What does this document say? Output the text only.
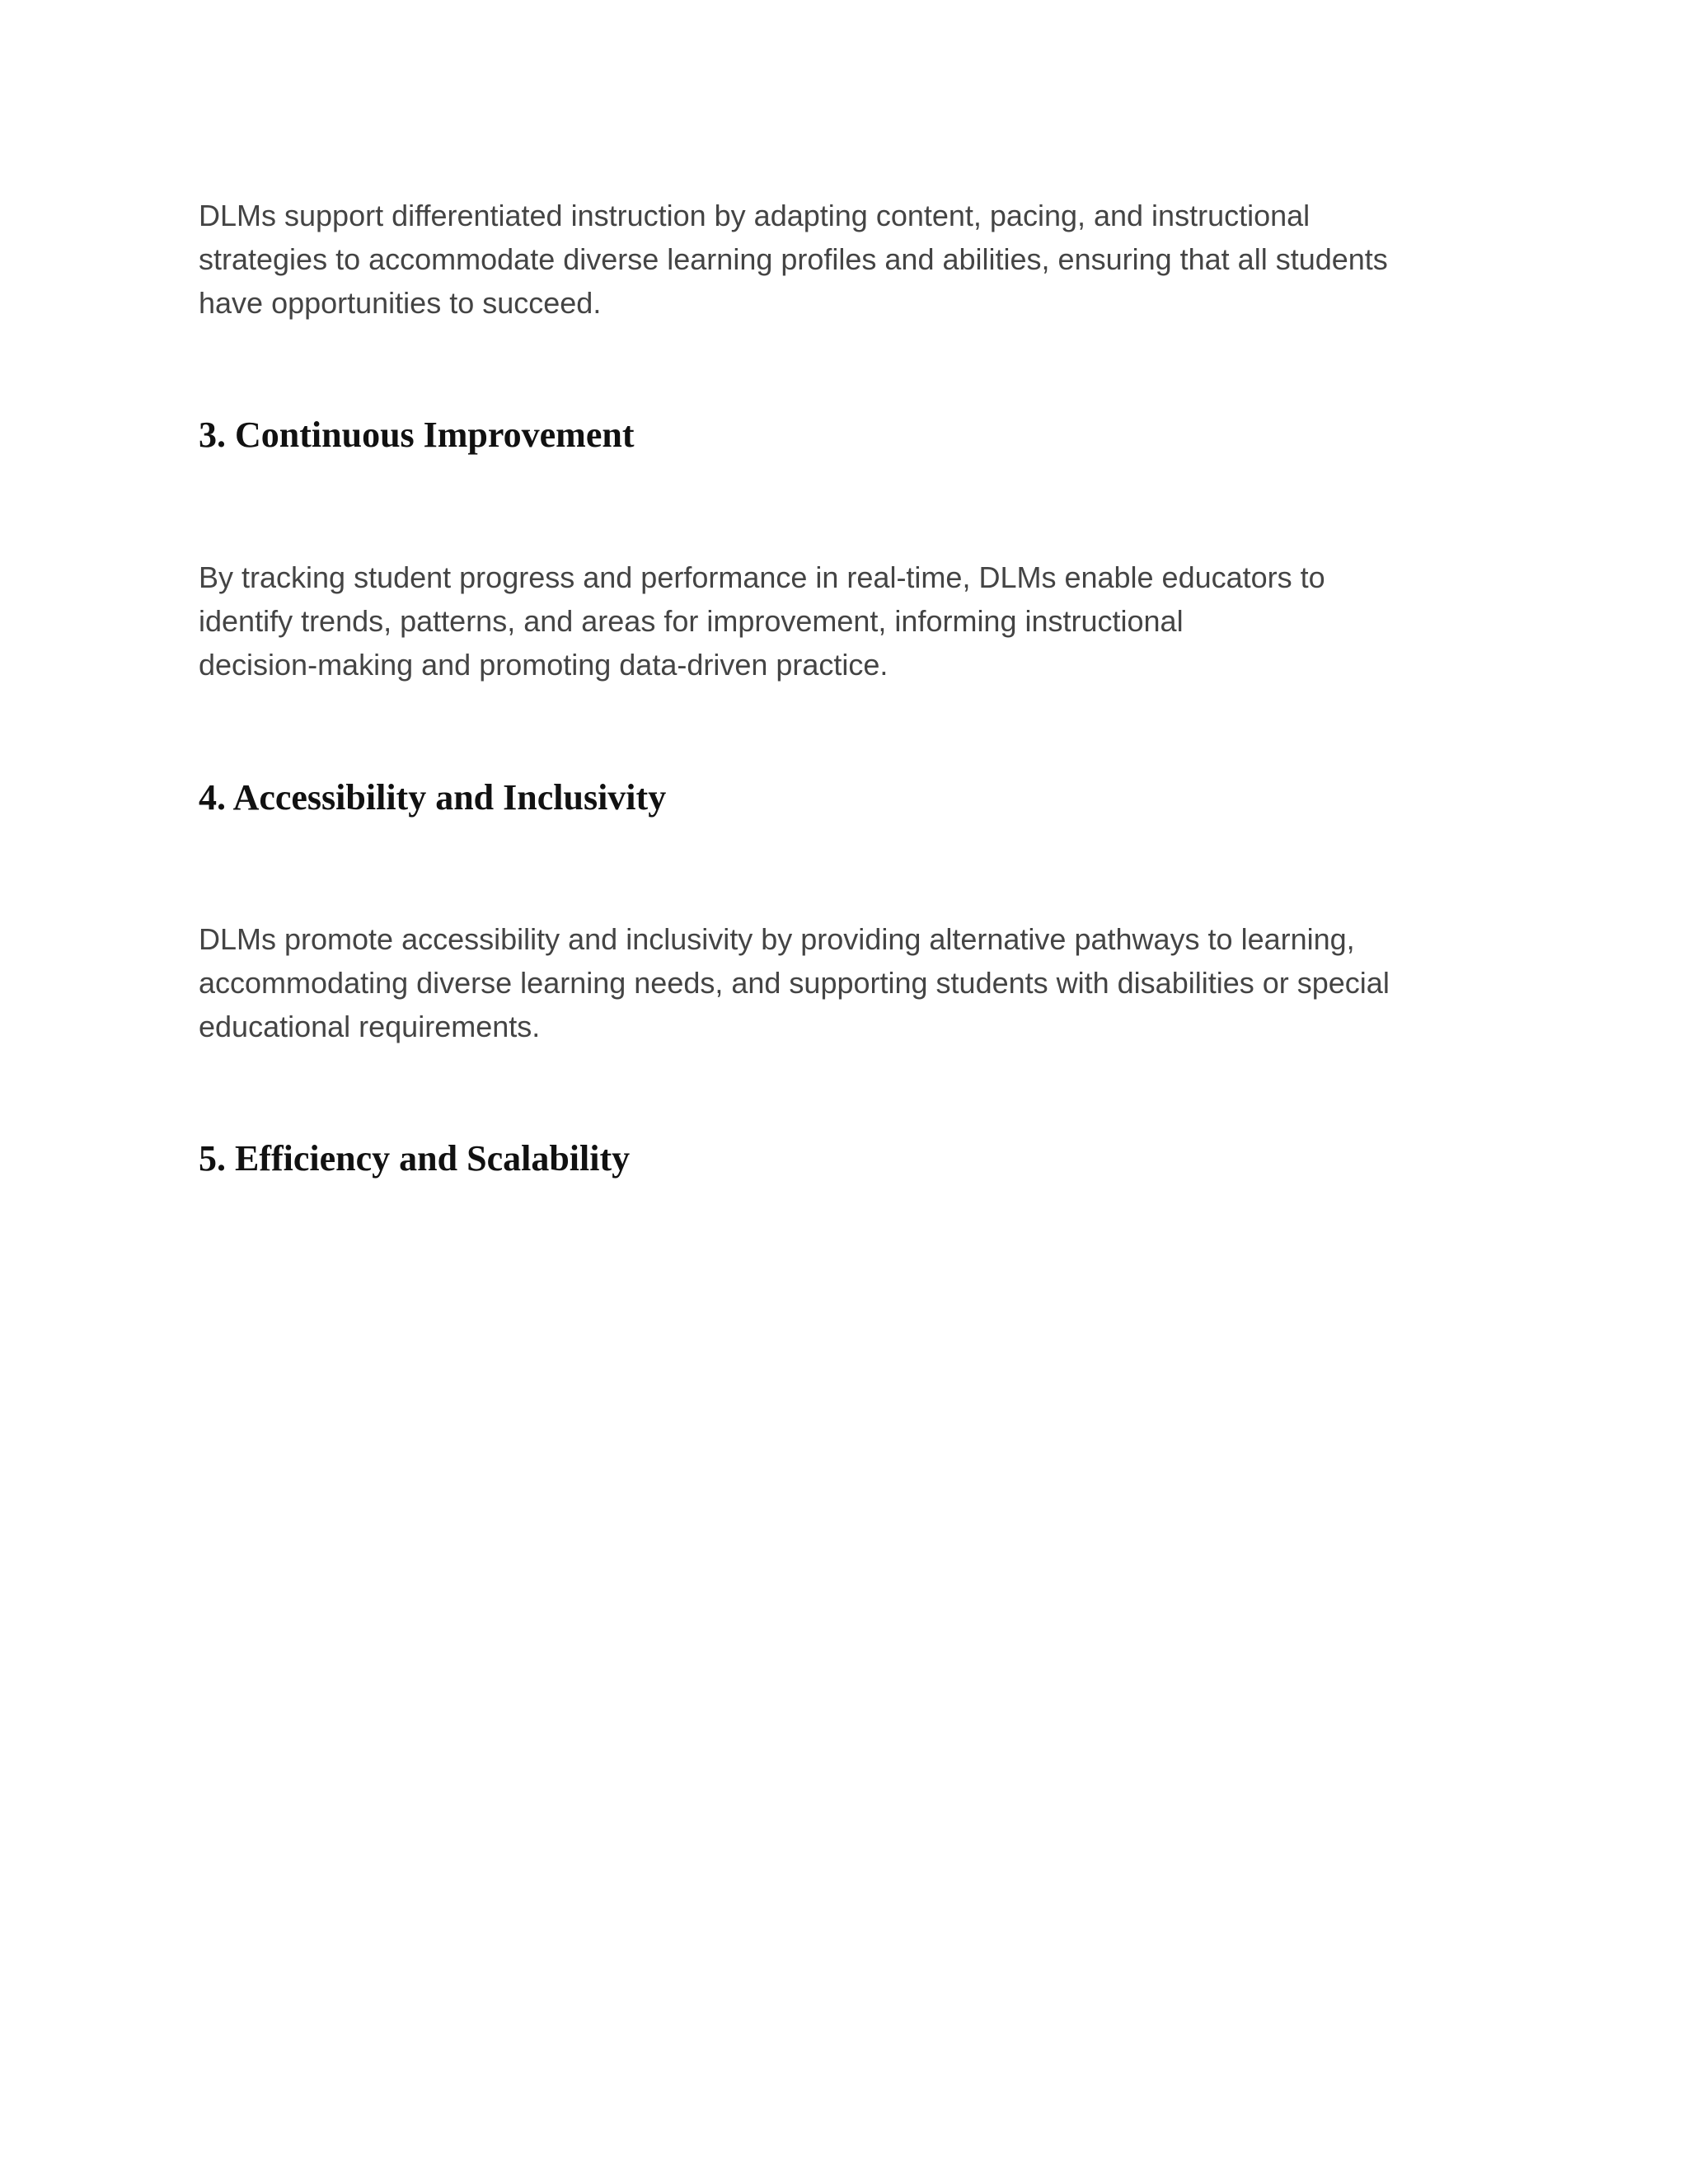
DLMs support differentiated instruction by adapting content, pacing, and instructional
strategies to accommodate diverse learning profiles and abilities, ensuring that all students
have opportunities to succeed.

3. Continuous Improvement

By tracking student progress and performance in real-time, DLMs enable educators to
identify trends, patterns, and areas for improvement, informing instructional
decision-making and promoting data-driven practice.

4. Accessibility and Inclusivity

DLMs promote accessibility and inclusivity by providing alternative pathways to learning,
accommodating diverse learning needs, and supporting students with disabilities or special
educational requirements.

5. Efficiency and Scalability
